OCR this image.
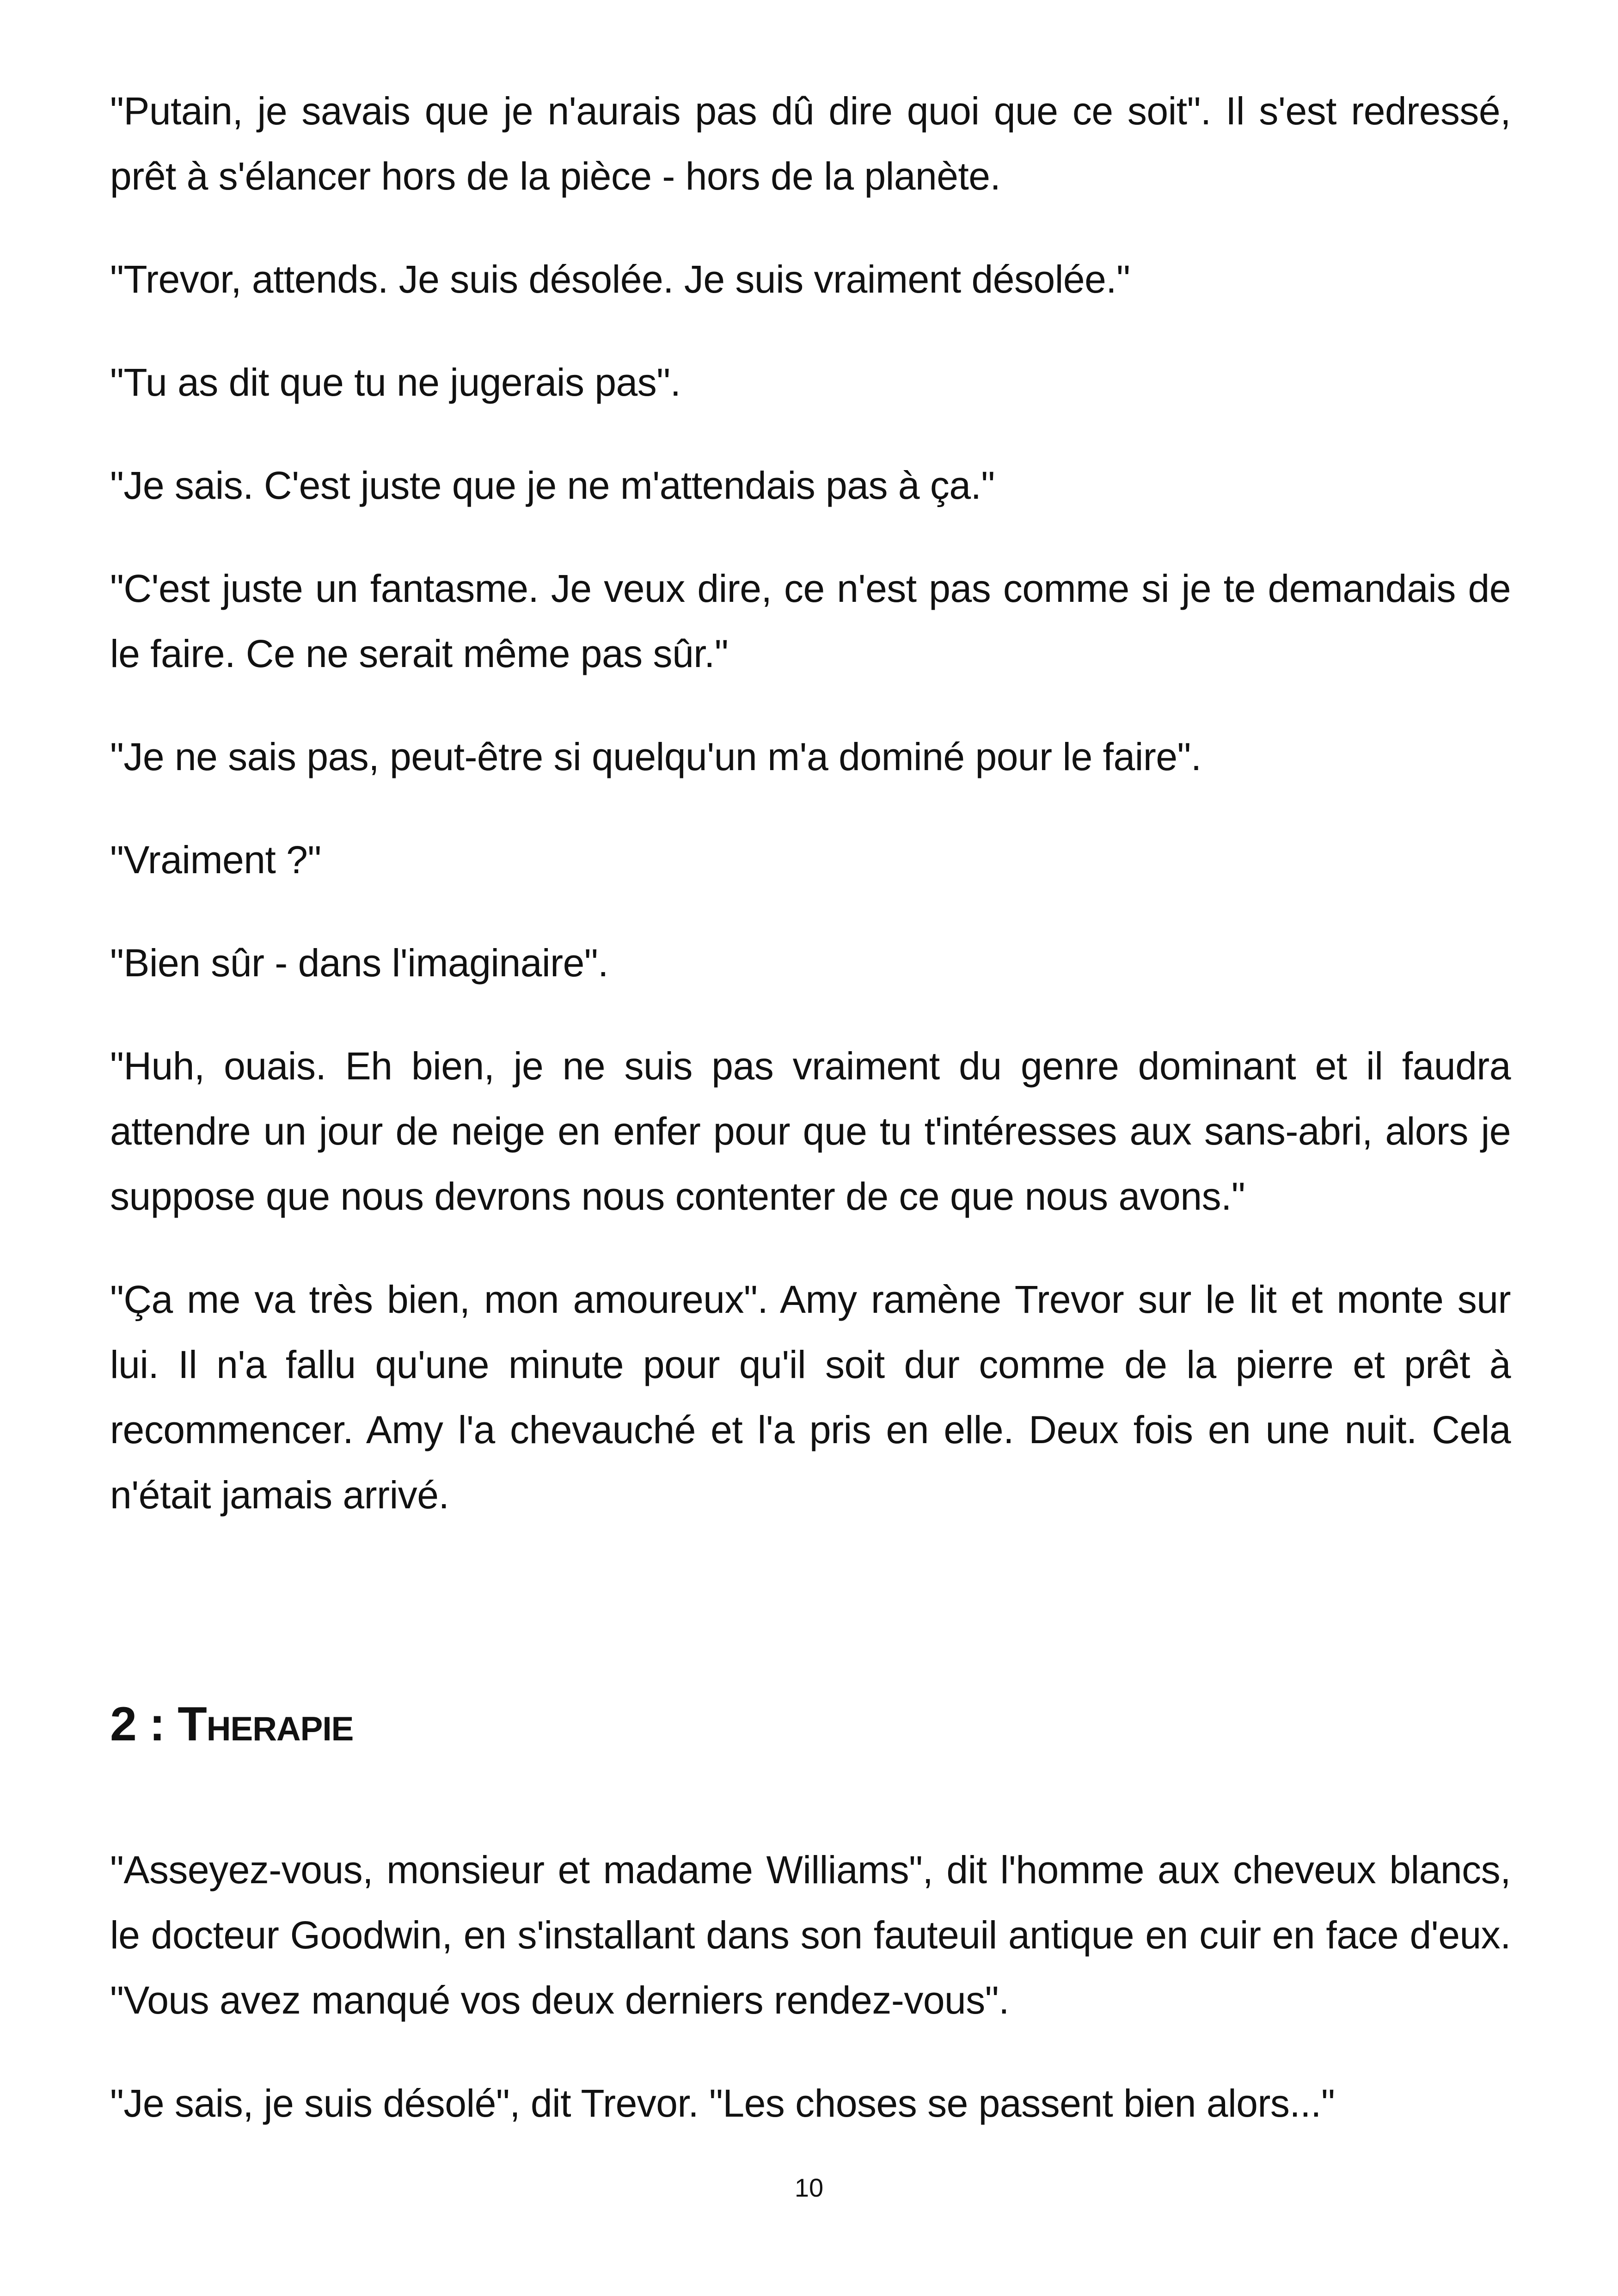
"Putain, je savais que je n'aurais pas dû dire quoi que ce soit". Il s'est redressé, prêt à s'élancer hors de la pièce - hors de la planète.

"Trevor, attends. Je suis désolée. Je suis vraiment désolée."

"Tu as dit que tu ne jugerais pas".

"Je sais. C'est juste que je ne m'attendais pas à ça."

"C'est juste un fantasme. Je veux dire, ce n'est pas comme si je te demandais de le faire. Ce ne serait même pas sûr."

"Je ne sais pas, peut-être si quelqu'un m'a dominé pour le faire".

"Vraiment ?"

"Bien sûr - dans l'imaginaire".

"Huh, ouais. Eh bien, je ne suis pas vraiment du genre dominant et il faudra attendre un jour de neige en enfer pour que tu t'intéresses aux sans-abri, alors je suppose que nous devrons nous contenter de ce que nous avons."

"Ça me va très bien, mon amoureux". Amy ramène Trevor sur le lit et monte sur lui. Il n'a fallu qu'une minute pour qu'il soit dur comme de la pierre et prêt à recommencer. Amy l'a chevauché et l'a pris en elle. Deux fois en une nuit. Cela n'était jamais arrivé.

2 : Therapie

"Asseyez-vous, monsieur et madame Williams", dit l'homme aux cheveux blancs, le docteur Goodwin, en s'installant dans son fauteuil antique en cuir en face d'eux. "Vous avez manqué vos deux derniers rendez-vous".

"Je sais, je suis désolé", dit Trevor. "Les choses se passent bien alors..."

10
